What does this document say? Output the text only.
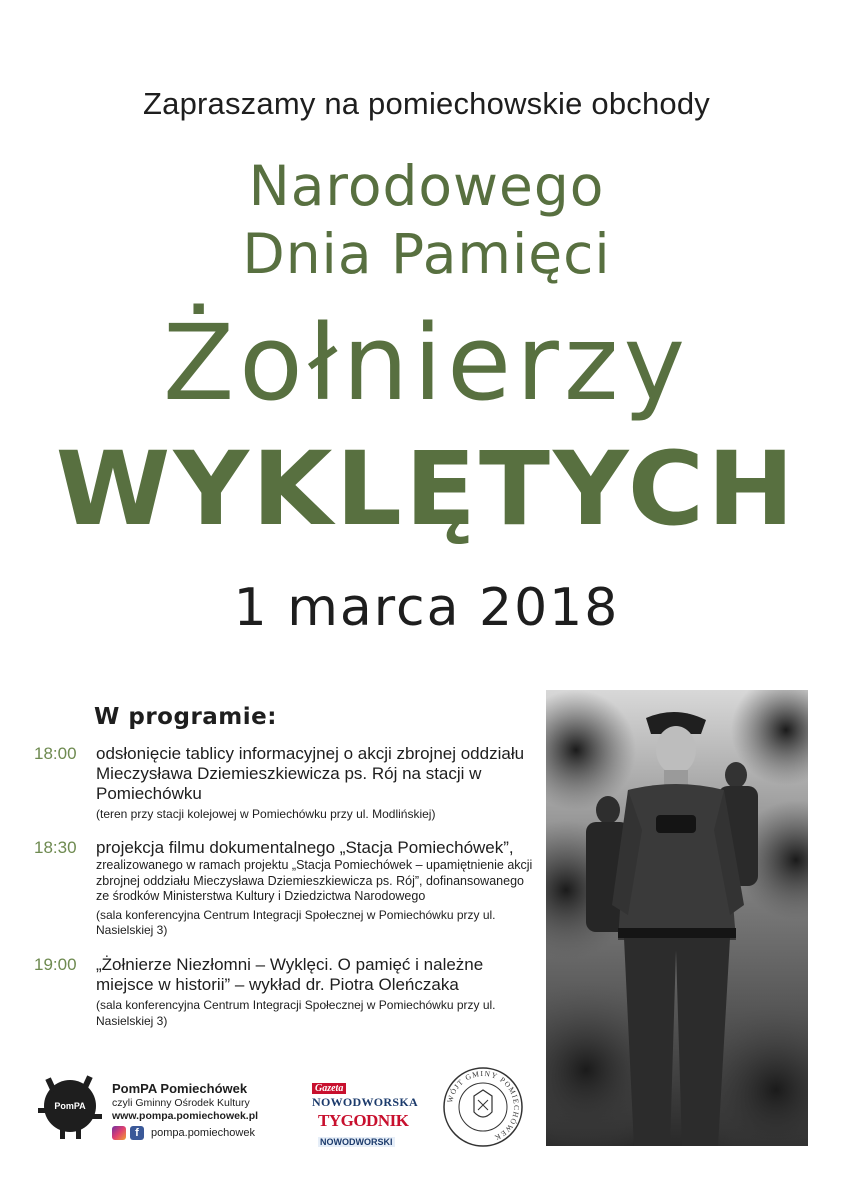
Zapraszamy na pomiechowskie obchody
Narodowego
Dnia Pamięci
Żołnierzy
WYKLĘTYCH
1 marca 2018
W programie:
18:00 odsłonięcie tablicy informacyjnej o akcji zbrojnej oddziału Mieczysława Dziemieszkiewicza ps. Rój na stacji w Pomiechówku
(teren przy stacji kolejowej w Pomiechówku przy ul. Modlińskiej)
18:30 projekcja filmu dokumentalnego „Stacja Pomiechówek”,
zrealizowanego w ramach projektu „Stacja Pomiechówek – upamiętnienie akcji zbrojnej oddziału Mieczysława Dziemieszkiewicza ps. Rój”, dofinansowanego ze środków Ministerstwa Kultury i Dziedzictwa Narodowego
(sala konferencyjna Centrum Integracji Społecznej w Pomiechówku przy ul. Nasielskiej 3)
19:00 „Żołnierze Niezłomni – Wyklęci. O pamięć i należne miejsce w historii” – wykład dr. Piotra Oleńczaka
(sala konferencyjna Centrum Integracji Społecznej w Pomiechówku przy ul. Nasielskiej 3)
PomPA
PomPA Pomiechówek
czyli Gminny Ośrodek Kultury
www.pompa.pomiechowek.pl
f	pompa.pomiechowek
Gazeta
NOWODWORSKA
TYGODNIK
NOWODWORSKI
WÓJT GMINY POMIECHÓWEK
